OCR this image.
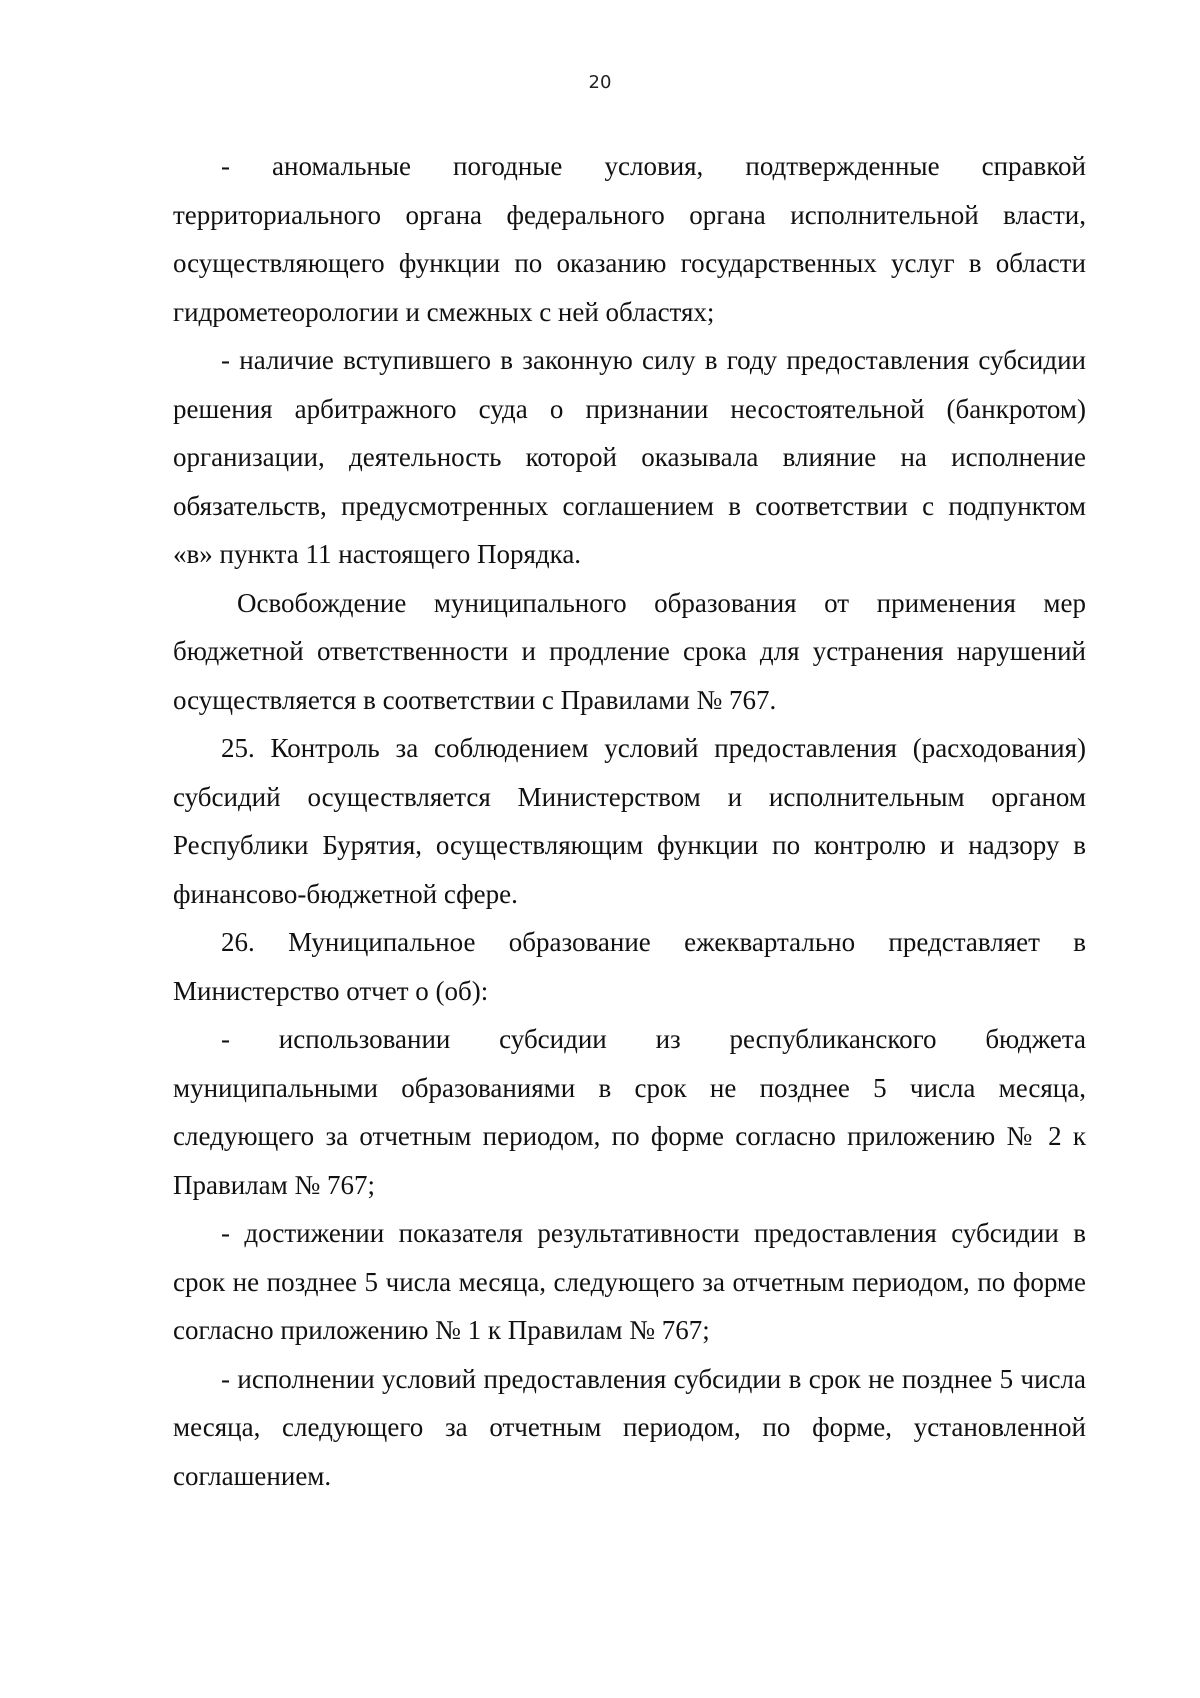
20

- аномальные погодные условия, подтвержденные справкой территориального органа федерального органа исполнительной власти, осуществляющего функции по оказанию государственных услуг в области гидрометеорологии и смежных с ней областях;

- наличие вступившего в законную силу в году предоставления субсидии решения арбитражного суда о признании несостоятельной (банкротом) организации, деятельность которой оказывала влияние на исполнение обязательств, предусмотренных соглашением в соответствии с подпунктом «в» пункта 11 настоящего Порядка.

Освобождение муниципального образования от применения мер бюджетной ответственности и продление срока для устранения нарушений осуществляется в соответствии с Правилами № 767.

25. Контроль за соблюдением условий предоставления (расходования) субсидий осуществляется Министерством и исполнительным органом Республики Бурятия, осуществляющим функции по контролю и надзору в финансово-бюджетной сфере.

26. Муниципальное образование ежеквартально представляет в Министерство отчет о (об):

- использовании субсидии из республиканского бюджета муниципальными образованиями в срок не позднее 5 числа месяца, следующего за отчетным периодом, по форме согласно приложению № 2 к Правилам № 767;

- достижении показателя результативности предоставления субсидии в срок не позднее 5 числа месяца, следующего за отчетным периодом, по форме согласно приложению № 1 к Правилам № 767;

- исполнении условий предоставления субсидии в срок не позднее 5 числа месяца, следующего за отчетным периодом, по форме, установленной соглашением.
